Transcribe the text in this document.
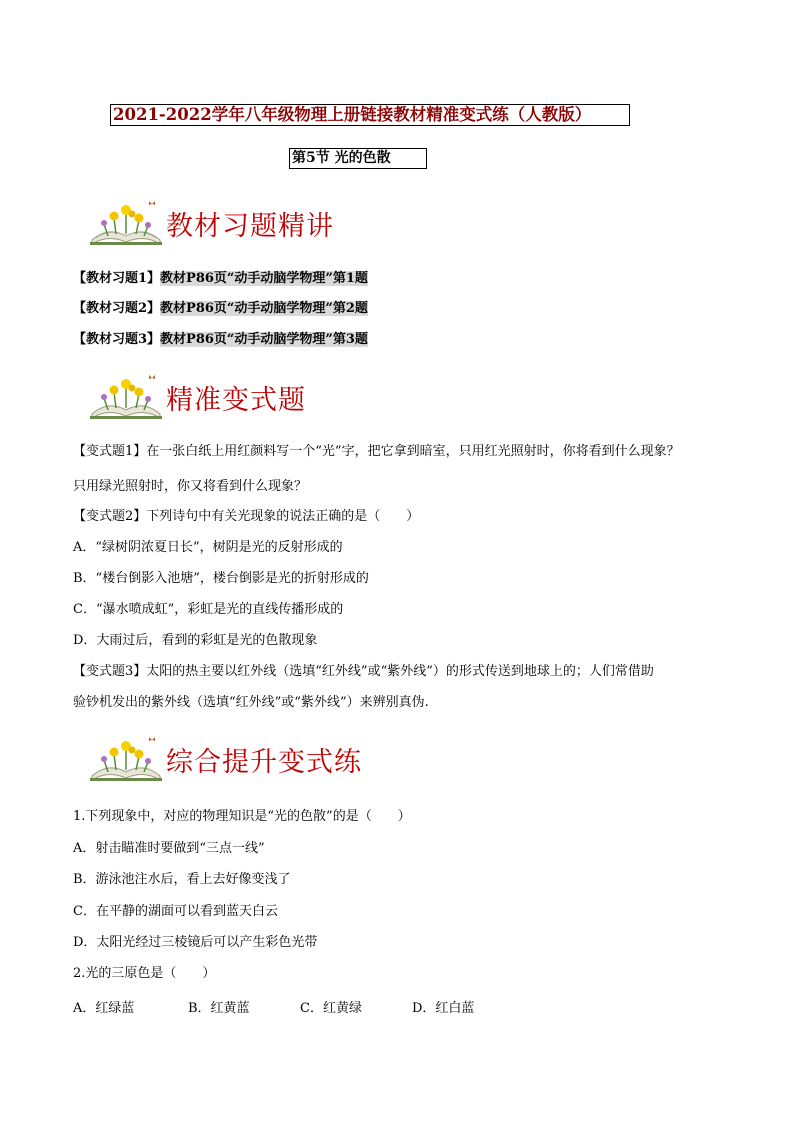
2021-2022学年八年级物理上册链接教材精准变式练（人教版）
第5节 光的色散
教材习题精讲
【教材习题1】教材P86页“动手动脑学物理”第1题
【教材习题2】教材P86页“动手动脑学物理”第2题
【教材习题3】教材P86页“动手动脑学物理”第3题
精准变式题
【变式题1】在一张白纸上用红颜料写一个“光”字，把它拿到暗室，只用红光照射时，你将看到什么现象？
只用绿光照射时，你又将看到什么现象？
【变式题2】下列诗句中有关光现象的说法正确的是（　　）
A．“绿树阴浓夏日长”，树阴是光的反射形成的
B．“楼台倒影入池塘”，楼台倒影是光的折射形成的
C．“瀑水喷成虹”，彩虹是光的直线传播形成的
D．大雨过后，看到的彩虹是光的色散现象
【变式题3】太阳的热主要以红外线（选填“红外线”或“紫外线”）的形式传送到地球上的；人们常借助
验钞机发出的紫外线（选填“红外线”或“紫外线”）来辨别真伪.
综合提升变式练
1.下列现象中，对应的物理知识是“光的色散”的是（　　）
A．射击瞄准时要做到“三点一线”
B．游泳池注水后，看上去好像变浅了
C．在平静的湖面可以看到蓝天白云
D．太阳光经过三棱镜后可以产生彩色光带
2.光的三原色是（　　）
A．红绿蓝	B．红黄蓝	C．红黄绿	D．红白蓝
